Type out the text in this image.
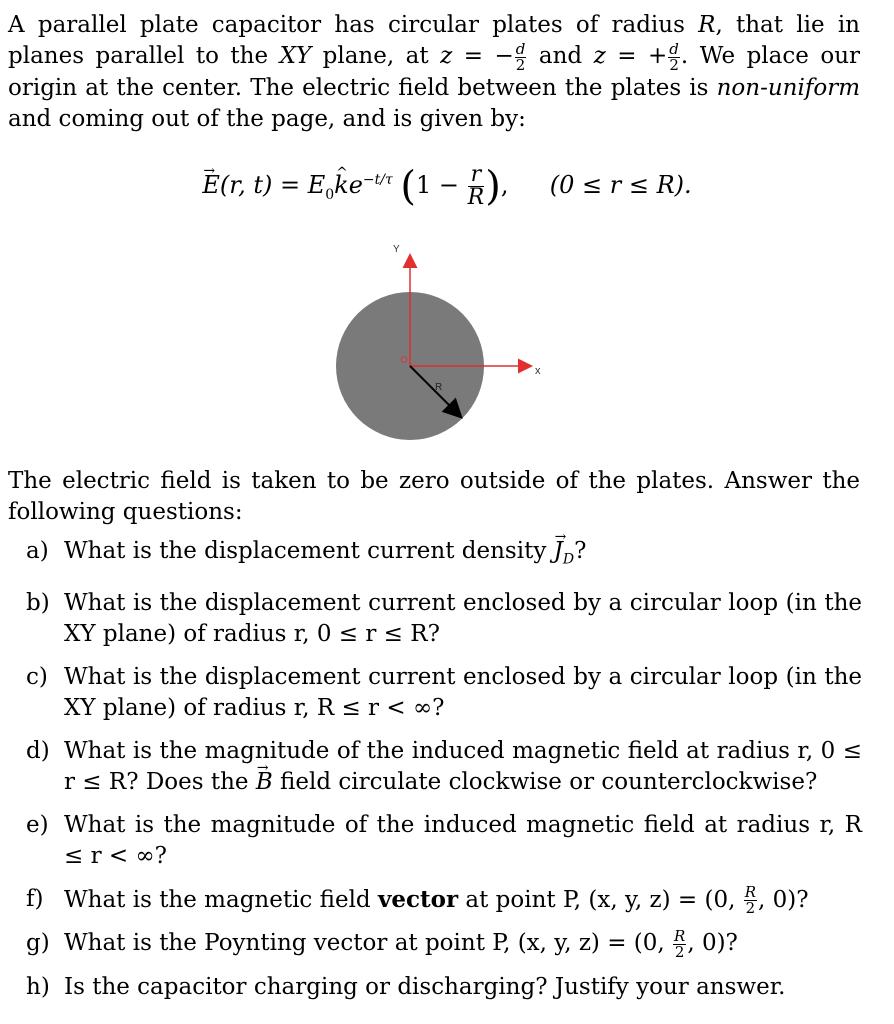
A parallel plate capacitor has circular plates of radius R, that lie in planes parallel to the XY plane, at z = − $\frac{d}{2}$ and z = + $\frac{d}{2}$ . We place our origin at the center. The electric field between the plates is non-uniform and coming out of the page, and is given by:
→ E(r, $t) = E_0\^{}$ $ke^{-t/\tau}$ ($1 - \frac{r}{R}$ ),  (0 ≤ r ≤ R).
Y
x
O
R
The electric field is taken to be zero outside of the plates. Answer the following questions:
a) What is the displacement current density → $J_D$?
b) What is the displacement current enclosed by a circular loop (in the XY plane) of radius r, 0 ≤ r ≤ R?
c) What is the displacement current enclosed by a circular loop (in the XY plane) of radius r, R ≤ r < ∞?
d) What is the magnitude of the induced magnetic field at radius r, 0 ≤ r ≤ R? Does the → B field circulate clockwise or counterclockwise?
e) What is the magnitude of the induced magnetic field at radius r, R ≤ r < ∞?
f) What is the magnetic field vector at point P, (x, y, z) = (0, $\frac{R}{2}$ , 0)?
g) What is the Poynting vector at point P, (x, y, z) = (0, $\frac{R}{2}$ , 0)?
h) Is the capacitor charging or discharging? Justify your answer.
